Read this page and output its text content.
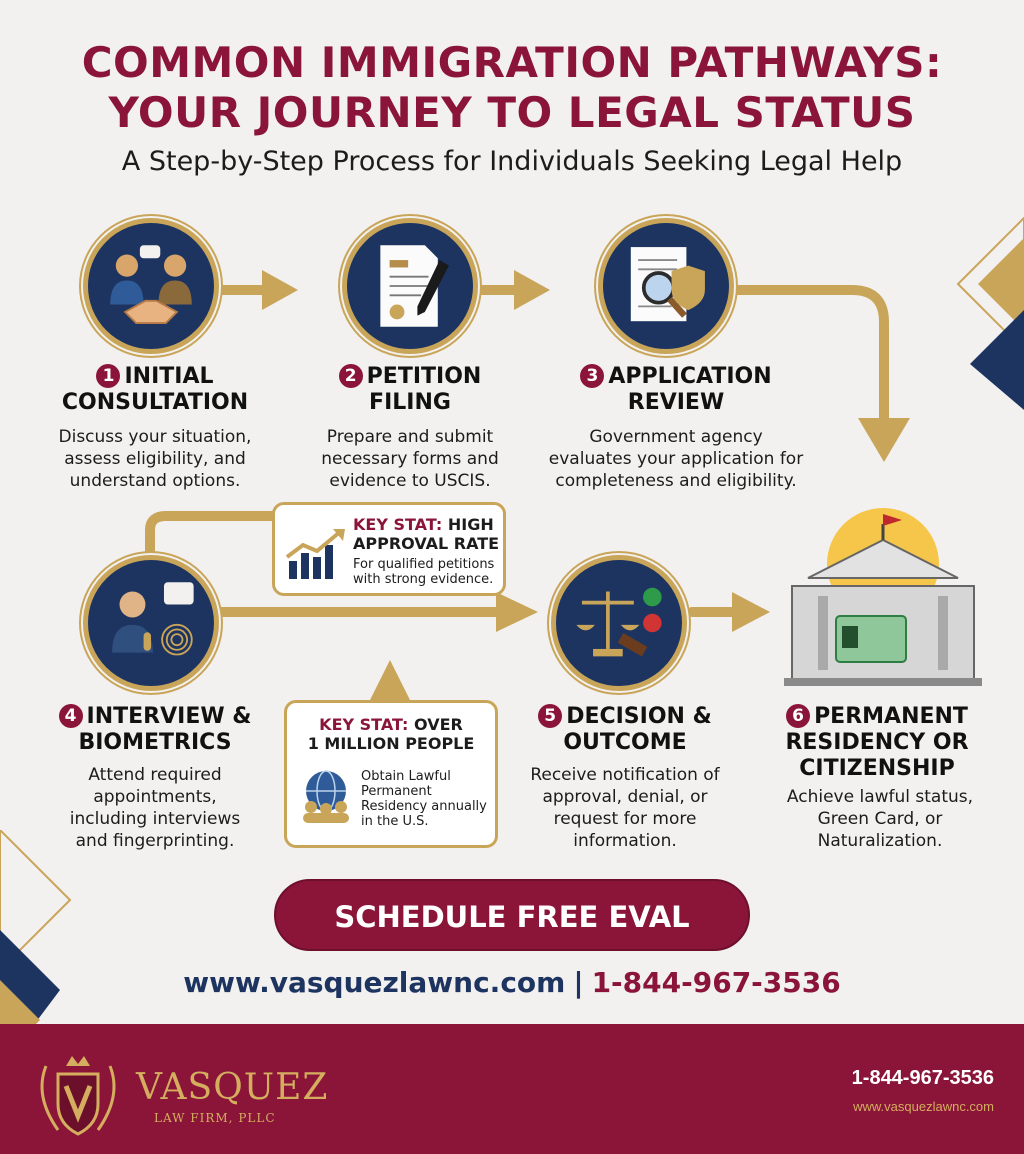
COMMON IMMIGRATION PATHWAYS:
YOUR JOURNEY TO LEGAL STATUS
A Step-by-Step Process for Individuals Seeking Legal Help
1 INITIAL
CONSULTATION
Discuss your situation,
assess eligibility, and
understand options.
2 PETITION
FILING
Prepare and submit
necessary forms and
evidence to USCIS.
3 APPLICATION
REVIEW
Government agency
evaluates your application for
completeness and eligibility.
4 INTERVIEW &
BIOMETRICS
Attend required
appointments,
including interviews
and fingerprinting.
5 DECISION &
OUTCOME
Receive notification of
approval, denial, or
request for more
information.
6 PERMANENT
RESIDENCY OR
CITIZENSHIP
Achieve lawful status,
Green Card, or
Naturalization.
KEY STAT: HIGH
APPROVAL RATE
For qualified petitions
with strong evidence.
KEY STAT: OVER
1 MILLION PEOPLE
Obtain Lawful
Permanent
Residency annually
in the U.S.
SCHEDULE FREE EVAL
www.vasquezlawnc.com | 1-844-967-3536
VASQUEZ
LAW FIRM, PLLC
1-844-967-3536
www.vasquezlawnc.com
